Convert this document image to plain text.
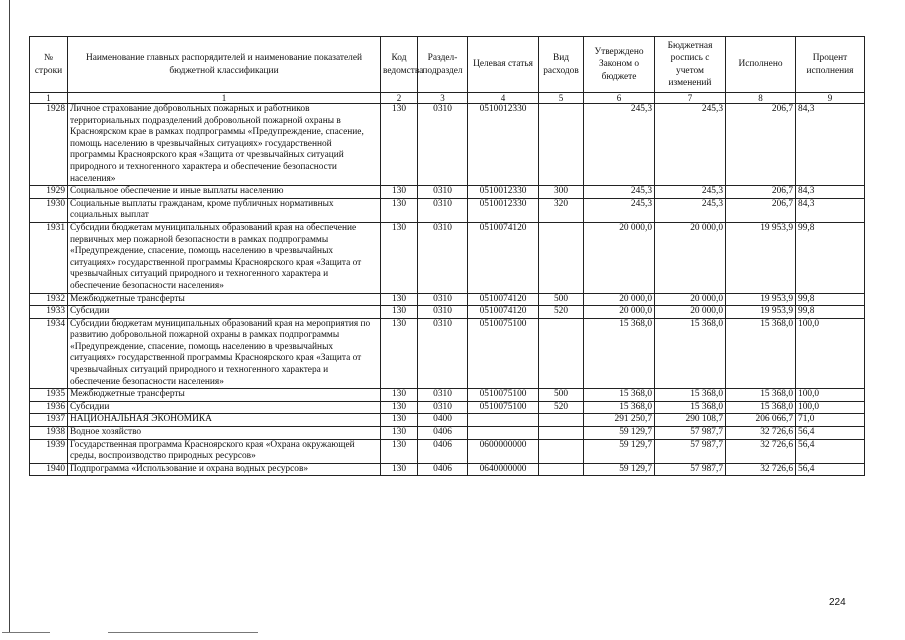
№ строки	Наименование главных распорядителей и наименование показателей бюджетной классификации	Код ведомства	Раздел-подраздел	Целевая статья	Вид расходов	Утверждено Законом о бюджете	Бюджетная роспись с учетом изменений	Исполнено	Процент исполнения
1	1	2	3	4	5	6	7	8	9
1928	Личное страхование добровольных пожарных и работников территориальных подразделений добровольной пожарной охраны в Красноярском крае в рамках подпрограммы «Предупреждение, спасение, помощь населению в чрезвычайных ситуациях» государственной программы Красноярского края «Защита от чрезвычайных ситуаций природного и техногенного характера и обеспечение безопасности населения»	130	0310	0510012330		245,3	245,3	206,7	84,3
1929	Социальное обеспечение и иные выплаты населению	130	0310	0510012330	300	245,3	245,3	206,7	84,3
1930	Социальные выплаты гражданам, кроме публичных нормативных социальных выплат	130	0310	0510012330	320	245,3	245,3	206,7	84,3
1931	Субсидии бюджетам муниципальных образований края на обеспечение первичных мер пожарной безопасности в рамках подпрограммы «Предупреждение, спасение, помощь населению в чрезвычайных ситуациях» государственной программы Красноярского края «Защита от чрезвычайных ситуаций природного и техногенного характера и обеспечение безопасности населения»	130	0310	0510074120		20 000,0	20 000,0	19 953,9	99,8
1932	Межбюджетные трансферты	130	0310	0510074120	500	20 000,0	20 000,0	19 953,9	99,8
1933	Субсидии	130	0310	0510074120	520	20 000,0	20 000,0	19 953,9	99,8
1934	Субсидии бюджетам муниципальных образований края на мероприятия по развитию добровольной пожарной охраны в рамках подпрограммы «Предупреждение, спасение, помощь населению в чрезвычайных ситуациях» государственной программы Красноярского края «Защита от чрезвычайных ситуаций природного и техногенного характера и обеспечение безопасности населения»	130	0310	0510075100		15 368,0	15 368,0	15 368,0	100,0
1935	Межбюджетные трансферты	130	0310	0510075100	500	15 368,0	15 368,0	15 368,0	100,0
1936	Субсидии	130	0310	0510075100	520	15 368,0	15 368,0	15 368,0	100,0
1937	НАЦИОНАЛЬНАЯ ЭКОНОМИКА	130	0400			291 250,7	290 108,7	206 066,7	71,0
1938	Водное хозяйство	130	0406			59 129,7	57 987,7	32 726,6	56,4
1939	Государственная программа Красноярского края «Охрана окружающей среды, воспроизводство природных ресурсов»	130	0406	0600000000		59 129,7	57 987,7	32 726,6	56,4
1940	Подпрограмма «Использование и охрана водных ресурсов»	130	0406	0640000000		59 129,7	57 987,7	32 726,6	56,4
224
